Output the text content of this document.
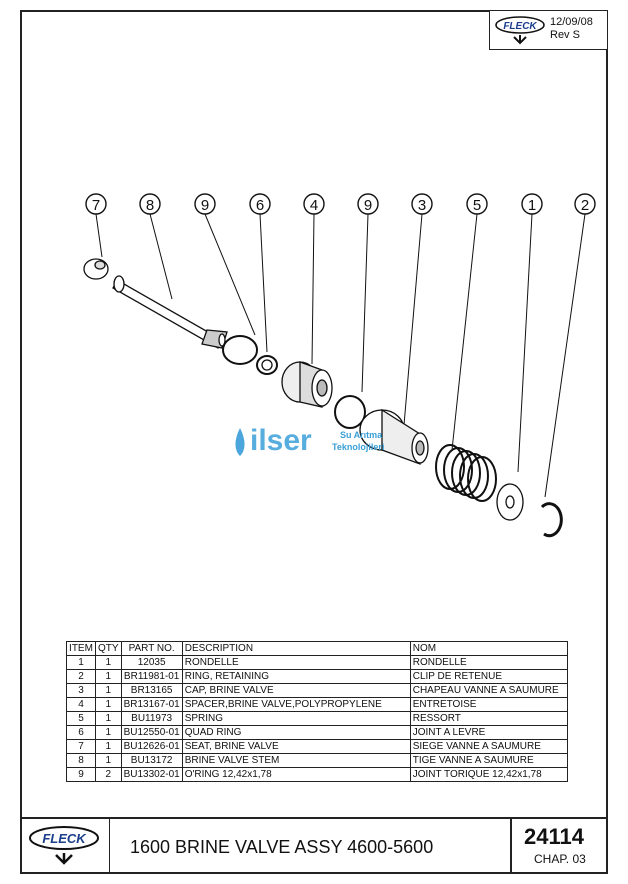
FLECK 12/09/08
Rev S
7	8	9	6	4	9	3	5	1	2
ilser	Su Arıtma
Teknolojileri
ITEM	QTY	PART NO.	DESCRIPTION	NOM
1	1	12035	RONDELLE	RONDELLE
2	1	BR11981-01	RING, RETAINING	CLIP DE RETENUE
3	1	BR13165	CAP, BRINE VALVE	CHAPEAU VANNE A SAUMURE
4	1	BR13167-01	SPACER,BRINE VALVE,POLYPROPYLENE	ENTRETOISE
5	1	BU11973	SPRING	RESSORT
6	1	BU12550-01	QUAD RING	JOINT A LEVRE
7	1	BU12626-01	SEAT, BRINE VALVE	SIEGE VANNE A SAUMURE
8	1	BU13172	BRINE VALVE STEM	TIGE VANNE A SAUMURE
9	2	BU13302-01	O'RING 12,42x1,78	JOINT TORIQUE 12,42x1,78
FLECK 1600 BRINE VALVE ASSY 4600-5600	24114
CHAP. 03
